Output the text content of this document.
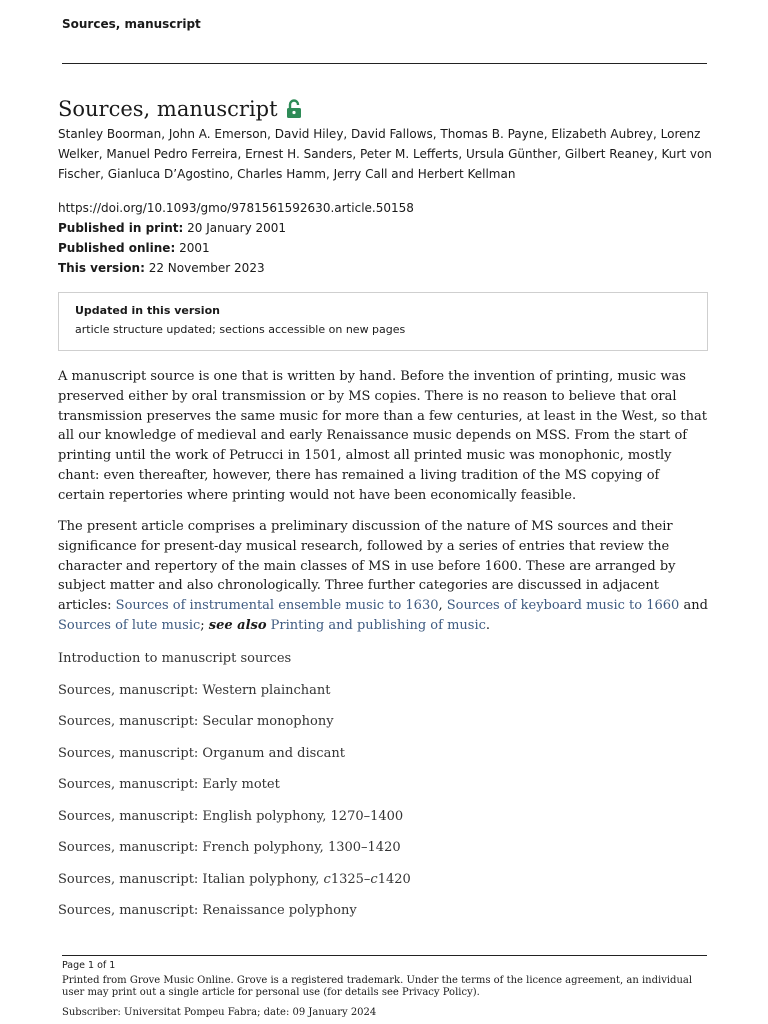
Sources, manuscript
Sources, manuscript
Stanley Boorman, John A. Emerson, David Hiley, David Fallows, Thomas B. Payne, Elizabeth Aubrey, Lorenz Welker, Manuel Pedro Ferreira, Ernest H. Sanders, Peter M. Lefferts, Ursula Günther, Gilbert Reaney, Kurt von Fischer, Gianluca D’Agostino, Charles Hamm, Jerry Call and Herbert Kellman
https://doi.org/10.1093/gmo/9781561592630.article.50158
Published in print: 20 January 2001
Published online: 2001
This version: 22 November 2023
Updated in this version
article structure updated; sections accessible on new pages

A manuscript source is one that is written by hand. Before the invention of printing, music was preserved either by oral transmission or by MS copies. There is no reason to believe that oral transmission preserves the same music for more than a few centuries, at least in the West, so that all our knowledge of medieval and early Renaissance music depends on MSS. From the start of printing until the work of Petrucci in 1501, almost all printed music was monophonic, mostly chant: even thereafter, however, there has remained a living tradition of the MS copying of certain repertories where printing would not have been economically feasible.

The present article comprises a preliminary discussion of the nature of MS sources and their significance for present-day musical research, followed by a series of entries that review the character and repertory of the main classes of MS in use before 1600. These are arranged by subject matter and also chronologically. Three further categories are discussed in adjacent articles: Sources of instrumental ensemble music to 1630, Sources of keyboard music to 1660 and Sources of lute music; see also Printing and publishing of music.

Introduction to manuscript sources
Sources, manuscript: Western plainchant
Sources, manuscript: Secular monophony
Sources, manuscript: Organum and discant
Sources, manuscript: Early motet
Sources, manuscript: English polyphony, 1270–1400
Sources, manuscript: French polyphony, 1300–1420
Sources, manuscript: Italian polyphony, c1325–c1420
Sources, manuscript: Renaissance polyphony
Page 1 of 1
Printed from Grove Music Online. Grove is a registered trademark. Under the terms of the licence agreement, an individual user may print out a single article for personal use (for details see Privacy Policy).
Subscriber: Universitat Pompeu Fabra; date: 09 January 2024
